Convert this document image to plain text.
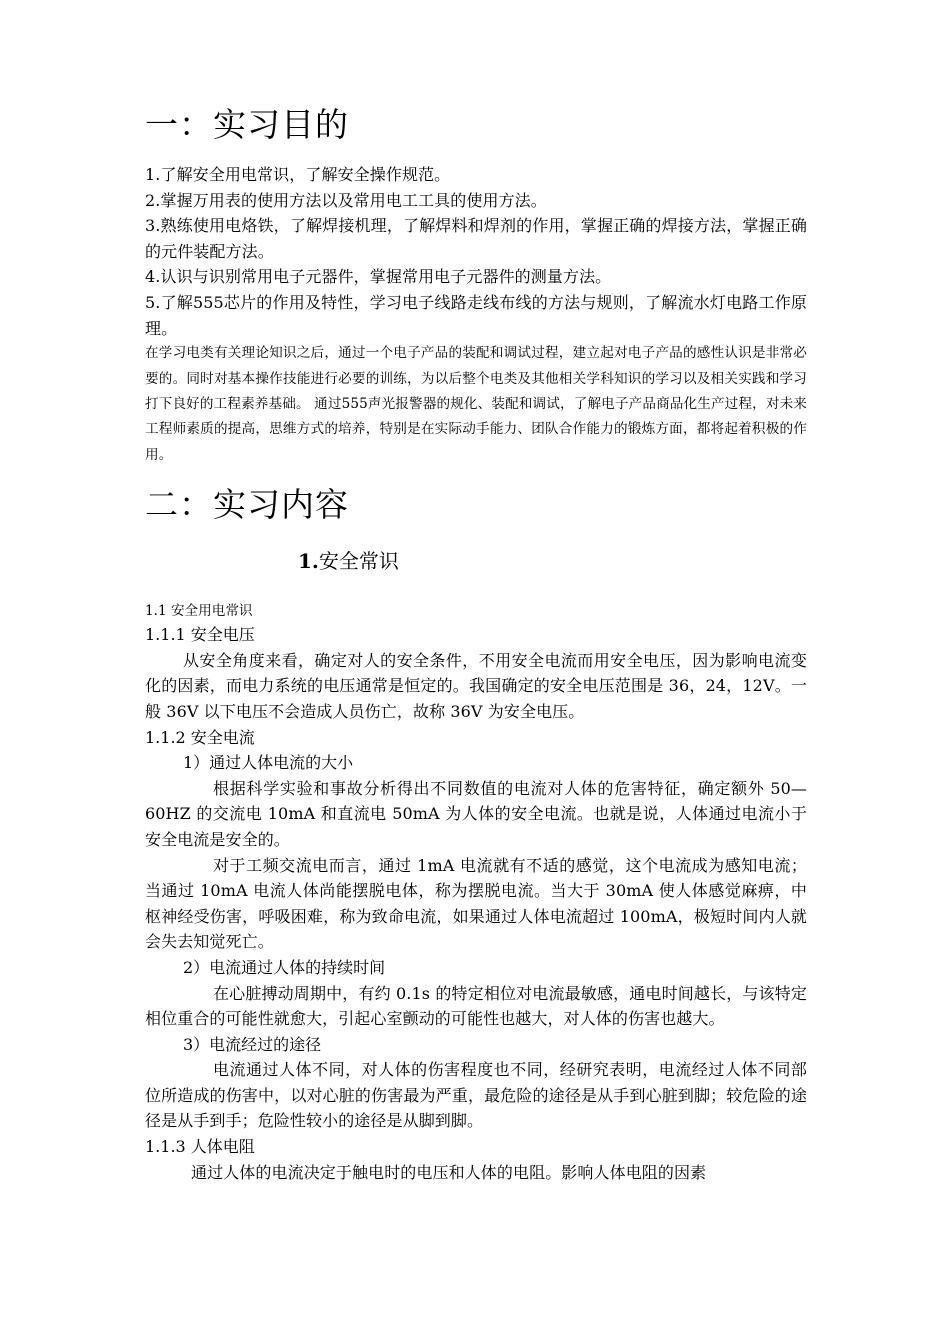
一：实习目的

1.了解安全用电常识，了解安全操作规范。

2.掌握万用表的使用方法以及常用电工工具的使用方法。

3.熟练使用电烙铁，了解焊接机理，了解焊料和焊剂的作用，掌握正确的焊接方法，掌握正确的元件装配方法。

4.认识与识别常用电子元器件，掌握常用电子元器件的测量方法。

5.了解555芯片的作用及特性，学习电子线路走线布线的方法与规则，了解流水灯电路工作原理。

在学习电类有关理论知识之后，通过一个电子产品的装配和调试过程，建立起对电子产品的感性认识是非常必要的。同时对基本操作技能进行必要的训练，为以后整个电类及其他相关学科知识的学习以及相关实践和学习打下良好的工程素养基础。 通过555声光报警器的规化、装配和调试，了解电子产品商品化生产过程，对未来工程师素质的提高，思维方式的培养，特别是在实际动手能力、团队合作能力的锻炼方面，都将起着积极的作用。

二：实习内容
1.安全常识
1.1 安全用电常识
1.1.1 安全电压

从安全角度来看，确定对人的安全条件，不用安全电流而用安全电压，因为影响电流变化的因素，而电力系统的电压通常是恒定的。我国确定的安全电压范围是 36，24，12V。一般 36V 以下电压不会造成人员伤亡，故称 36V 为安全电压。

1.1.2 安全电流
1）通过人体电流的大小

根据科学实验和事故分析得出不同数值的电流对人体的危害特征，确定额外 50—60HZ 的交流电 10mA 和直流电 50mA 为人体的安全电流。也就是说，人体通过电流小于安全电流是安全的。

对于工频交流电而言，通过 1mA 电流就有不适的感觉，这个电流成为感知电流；当通过 10mA 电流人体尚能摆脱电体，称为摆脱电流。当大于 30mA 使人体感觉麻痹，中枢神经受伤害，呼吸困难，称为致命电流，如果通过人体电流超过 100mA，极短时间内人就会失去知觉死亡。

2）电流通过人体的持续时间

在心脏搏动周期中，有约 0.1s 的特定相位对电流最敏感，通电时间越长，与该特定相位重合的可能性就愈大，引起心室颤动的可能性也越大，对人体的伤害也越大。

3）电流经过的途径

电流通过人体不同，对人体的伤害程度也不同，经研究表明，电流经过人体不同部位所造成的伤害中，以对心脏的伤害最为严重，最危险的途径是从手到心脏到脚；较危险的途径是从手到手；危险性较小的途径是从脚到脚。

1.1.3 人体电阻

通过人体的电流决定于触电时的电压和人体的电阻。影响人体电阻的因素
